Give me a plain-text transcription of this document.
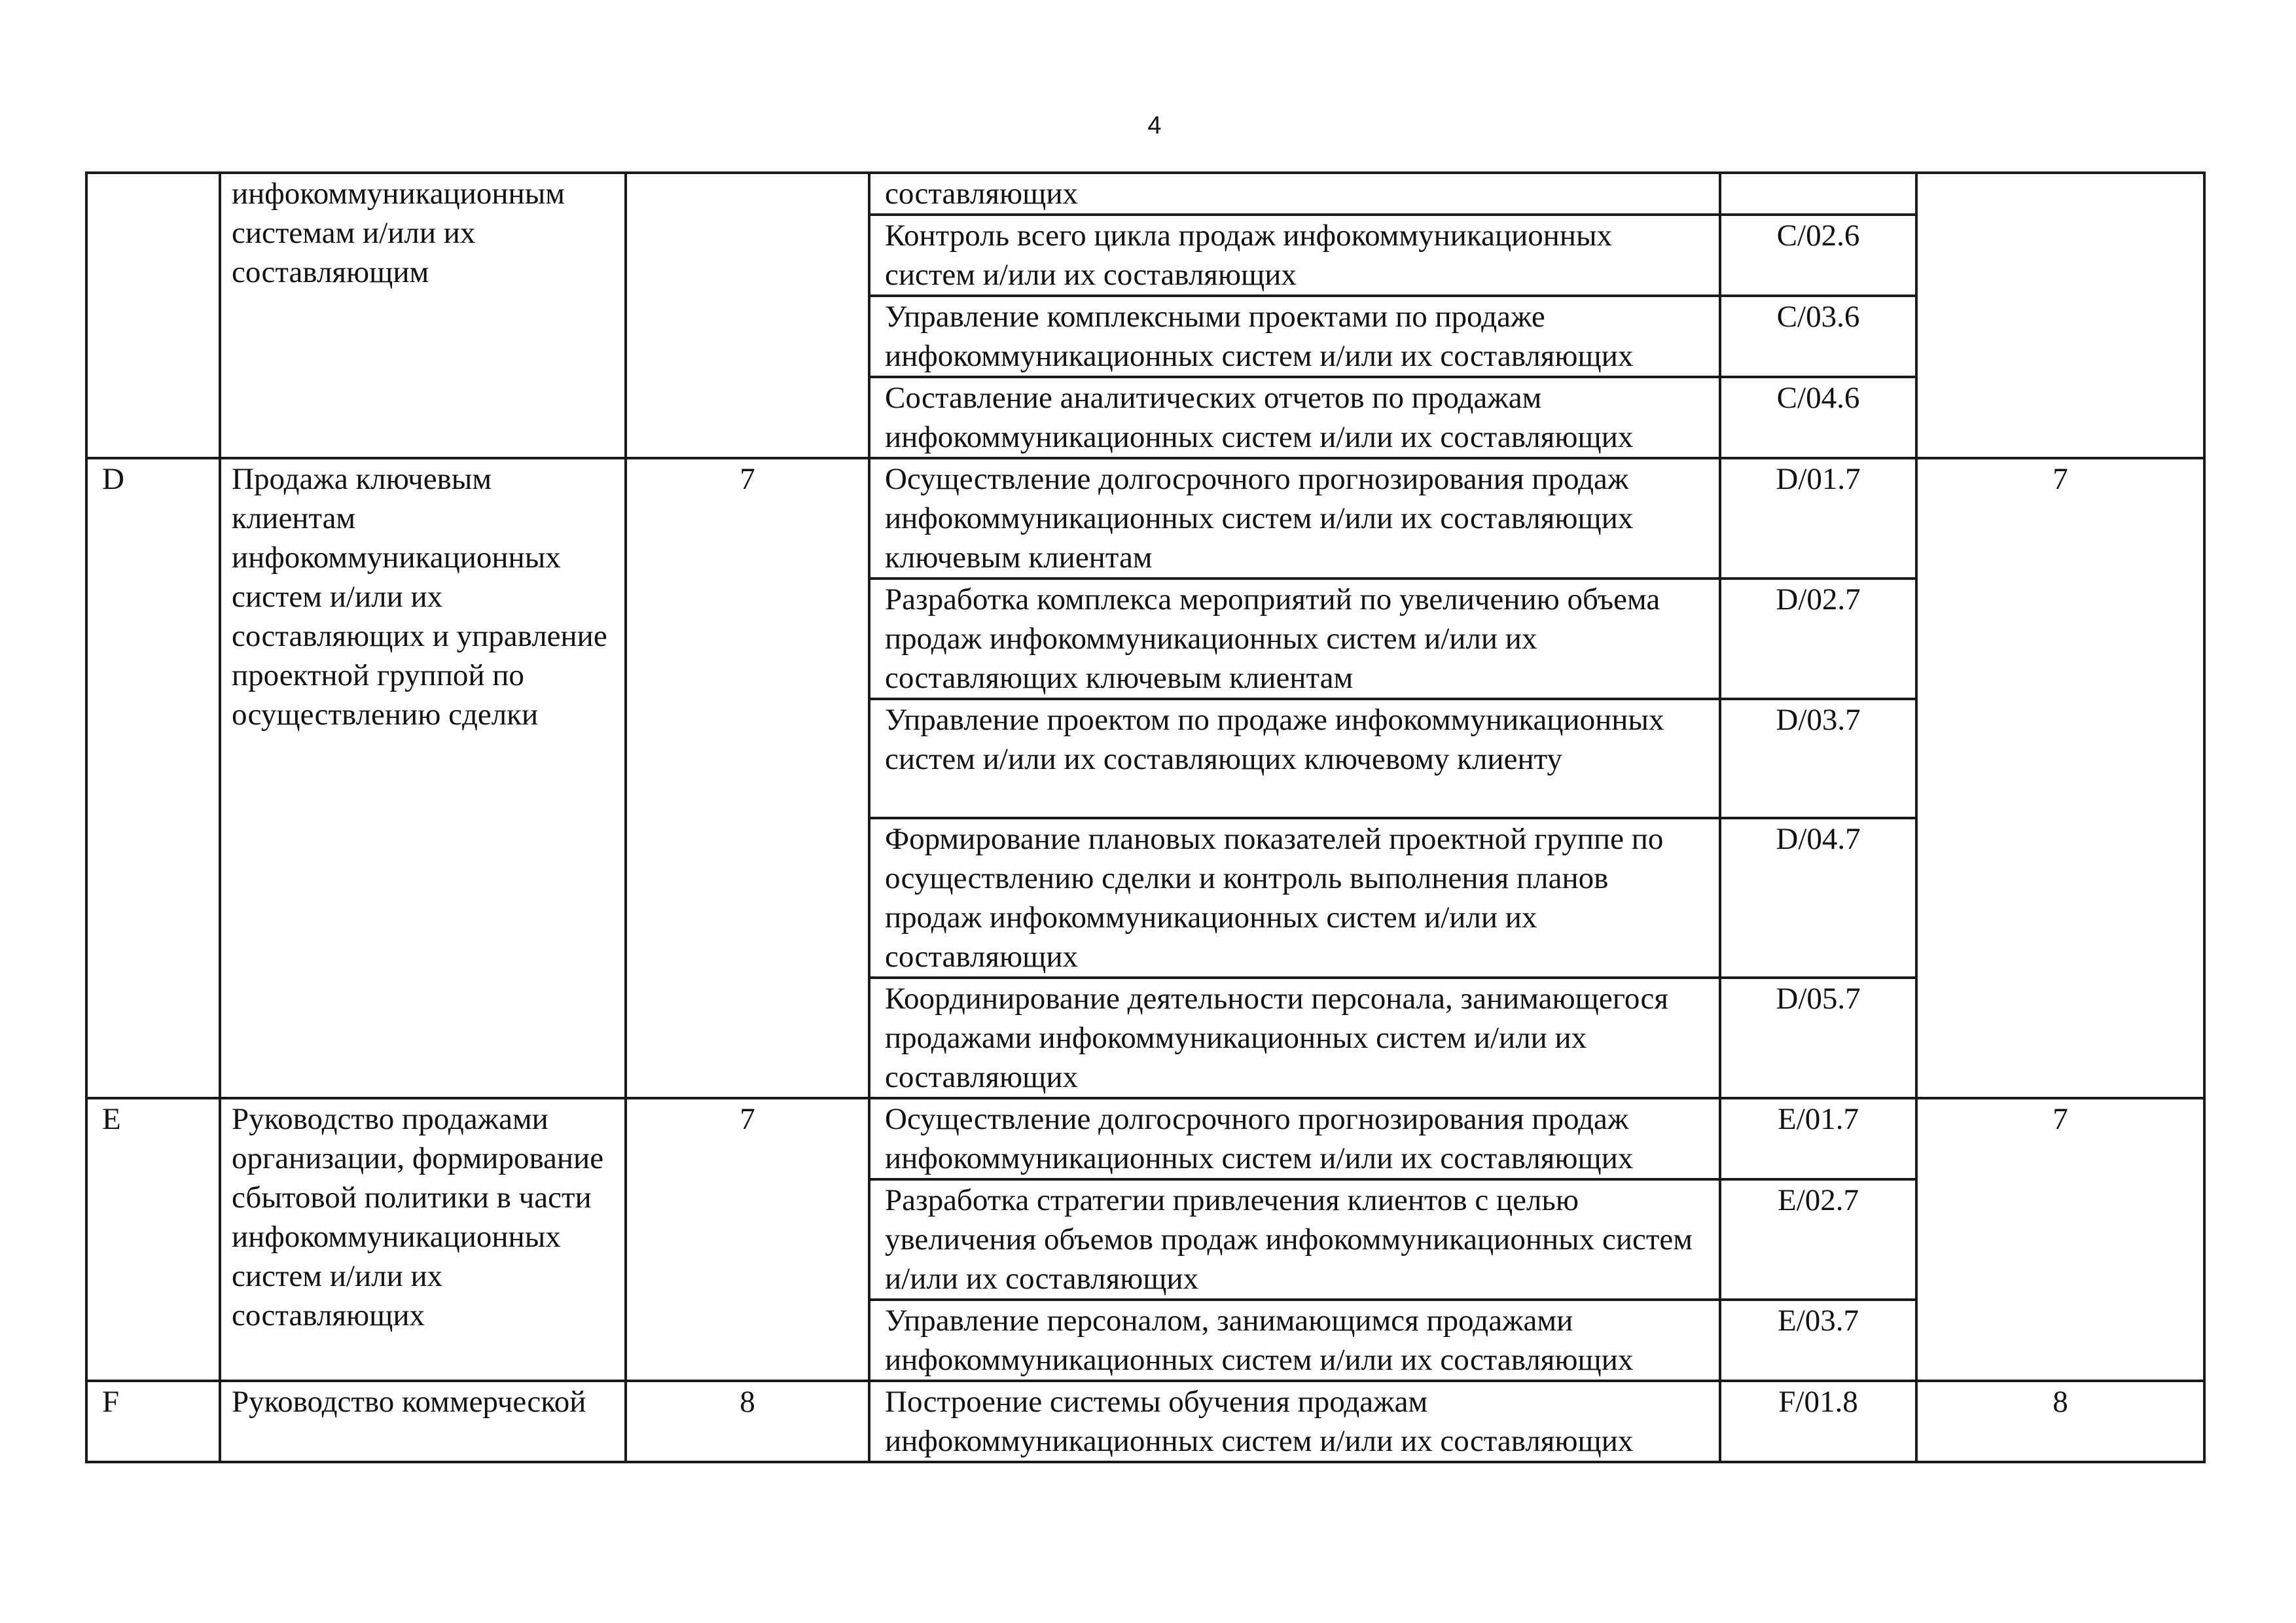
4
	инфокоммуникационным системам и/или их составляющим		составляющих		
			Контроль всего цикла продаж инфокоммуникационных систем и/или их составляющих	C/02.6	
			Управление комплексными проектами по продаже инфокоммуникационных систем и/или их составляющих	C/03.6	
			Составление аналитических отчетов по продажам инфокоммуникационных систем и/или их составляющих	C/04.6	
D	Продажа ключевым клиентам инфокоммуникационных систем и/или их составляющих и управление проектной группой по осуществлению сделки	7	Осуществление долгосрочного прогнозирования продаж инфокоммуникационных систем и/или их составляющих ключевым клиентам	D/01.7	7
			Разработка комплекса мероприятий по увеличению объема продаж инфокоммуникационных систем и/или их составляющих ключевым клиентам	D/02.7	
			Управление проектом по продаже инфокоммуникационных систем и/или их составляющих ключевому клиенту	D/03.7	
			Формирование плановых показателей проектной группе по осуществлению сделки и контроль выполнения планов продаж инфокоммуникационных систем и/или их составляющих	D/04.7	
			Координирование деятельности персонала, занимающегося продажами инфокоммуникационных систем и/или их составляющих	D/05.7	
E	Руководство продажами организации, формирование сбытовой политики в части инфокоммуникационных систем и/или их составляющих	7	Осуществление долгосрочного прогнозирования продаж инфокоммуникационных систем и/или их составляющих	E/01.7	7
			Разработка стратегии привлечения клиентов с целью увеличения объемов продаж инфокоммуникационных систем и/или их составляющих	E/02.7	
			Управление персоналом, занимающимся продажами инфокоммуникационных систем и/или их составляющих	E/03.7	
F	Руководство коммерческой	8	Построение системы обучения продажам инфокоммуникационных систем и/или их составляющих	F/01.8	8
